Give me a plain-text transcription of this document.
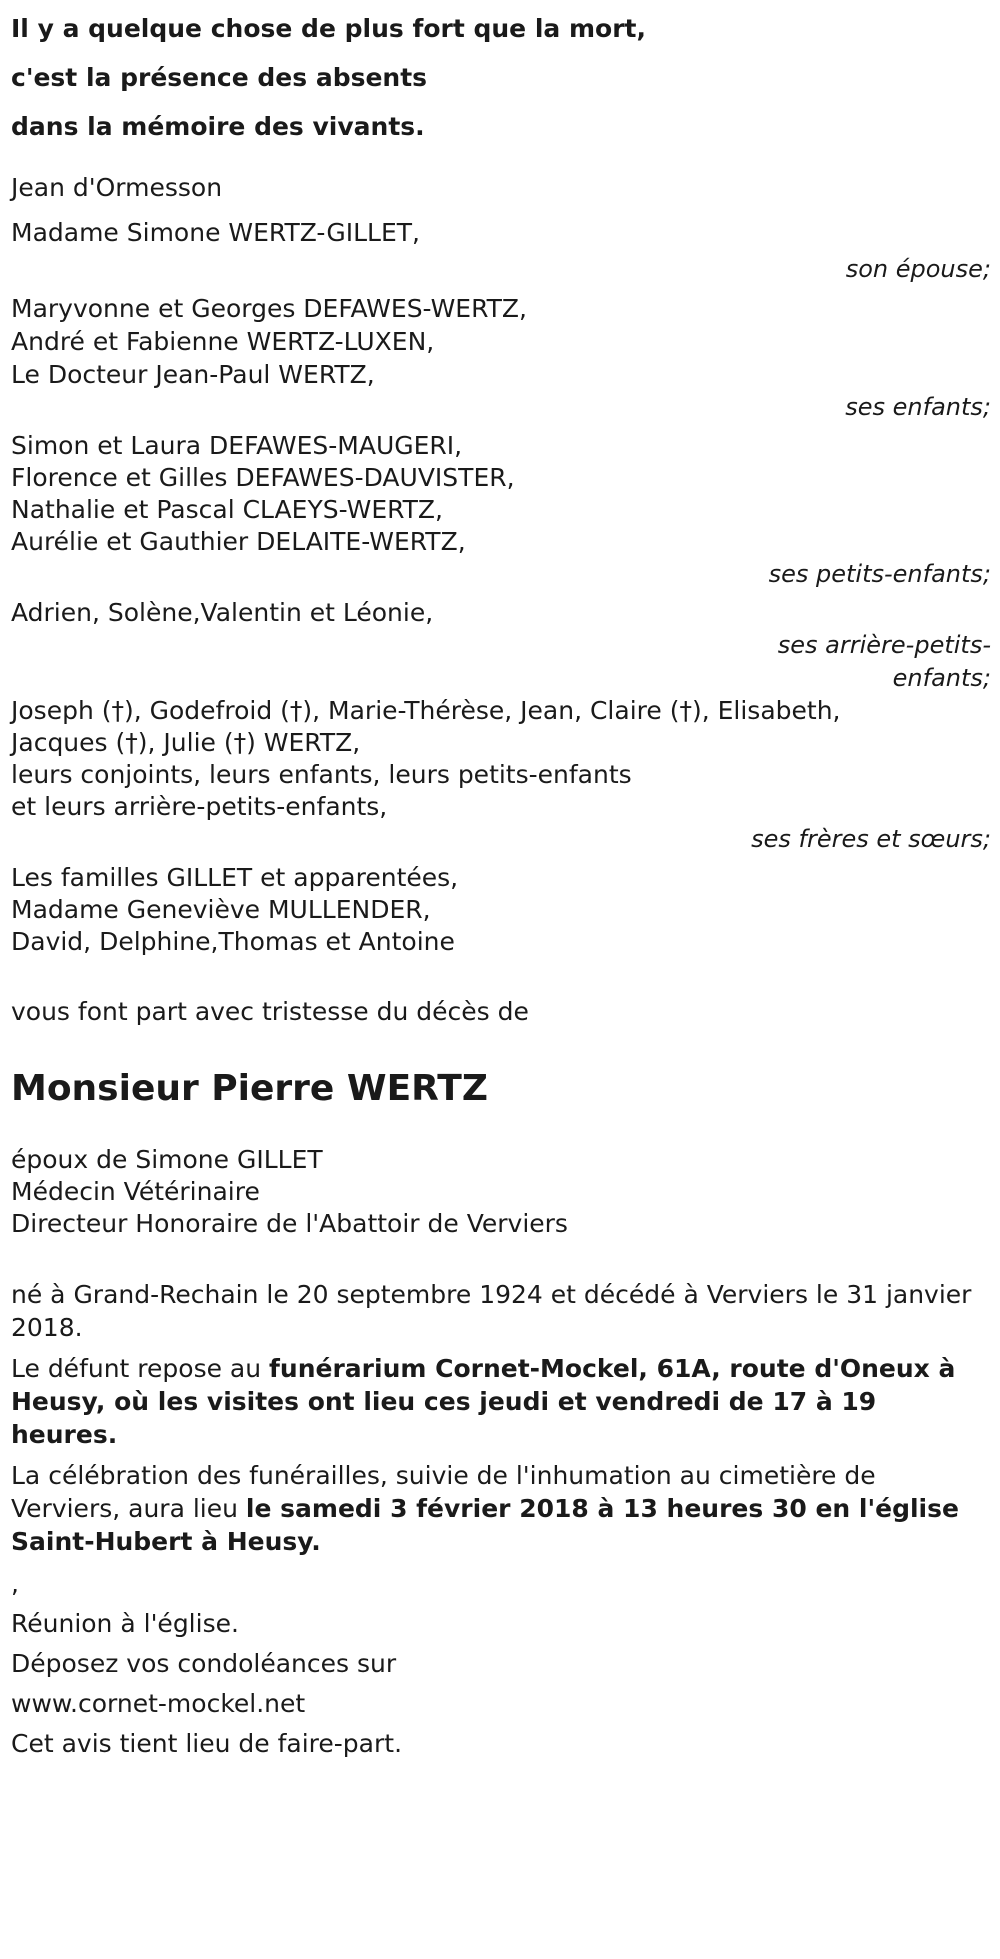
Il y a quelque chose de plus fort que la mort,
c'est la présence des absents
dans la mémoire des vivants.
Jean d'Ormesson
Madame Simone WERTZ-GILLET,
son épouse;
Maryvonne et Georges DEFAWES-WERTZ,
André et Fabienne WERTZ-LUXEN,
Le Docteur Jean-Paul WERTZ,
ses enfants;
Simon et Laura DEFAWES-MAUGERI,
Florence et Gilles DEFAWES-DAUVISTER,
Nathalie et Pascal CLAEYS-WERTZ,
Aurélie et Gauthier DELAITE-WERTZ,
ses petits-enfants;
Adrien, Solène,Valentin et Léonie,
ses arrière-petits-
enfants;
Joseph (†), Godefroid (†), Marie-Thérèse, Jean, Claire (†), Elisabeth,
Jacques (†), Julie (†) WERTZ,
leurs conjoints, leurs enfants, leurs petits-enfants
et leurs arrière-petits-enfants,
ses frères et sœurs;
Les familles GILLET et apparentées,
Madame Geneviève MULLENDER,
David, Delphine,Thomas et Antoine
vous font part avec tristesse du décès de
Monsieur Pierre WERTZ
époux de Simone GILLET
Médecin Vétérinaire
Directeur Honoraire de l'Abattoir de Verviers
né à Grand-Rechain le 20 septembre 1924 et décédé à Verviers le 31 janvier 2018.
Le défunt repose au funérarium Cornet-Mockel, 61A, route d'Oneux à Heusy, où les visites ont lieu ces jeudi et vendredi de 17 à 19 heures.
La célébration des funérailles, suivie de l'inhumation au cimetière de Verviers, aura lieu le samedi 3 février 2018 à 13 heures 30 en l'église Saint-Hubert à Heusy.
,
Réunion à l'église.
Déposez vos condoléances sur
www.cornet-mockel.net
Cet avis tient lieu de faire-part.
